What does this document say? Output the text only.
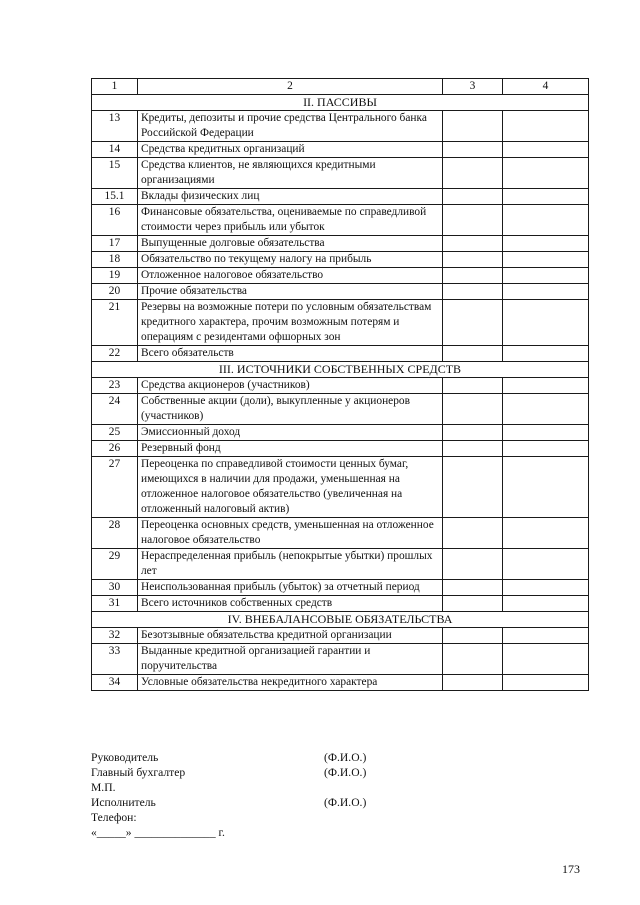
1	2	3	4
II. ПАССИВЫ			
13	Кредиты, депозиты и прочие средства Центрального банка Российской Федерации		
14	Средства кредитных организаций		
15	Средства клиентов, не являющихся кредитными организациями		
15.1	Вклады физических лиц		
16	Финансовые обязательства, оцениваемые по справедливой стоимости через прибыль или убыток		
17	Выпущенные долговые обязательства		
18	Обязательство по текущему налогу на прибыль		
19	Отложенное налоговое обязательство		
20	Прочие обязательства		
21	Резервы на возможные потери по условным обязательствам кредитного характера, прочим возможным потерям и операциям с резидентами офшорных зон		
22	Всего обязательств		
III. ИСТОЧНИКИ СОБСТВЕННЫХ СРЕДСТВ			
23	Средства акционеров (участников)		
24	Собственные акции (доли), выкупленные у акционеров (участников)		
25	Эмиссионный доход		
26	Резервный фонд		
27	Переоценка по справедливой стоимости ценных бумаг, имеющихся в наличии для продажи, уменьшенная на отложенное налоговое обязательство (увеличенная на отложенный налоговый актив)		
28	Переоценка основных средств, уменьшенная на отложенное налоговое обязательство		
29	Нераспределенная прибыль (непокрытые убытки) прошлых лет		
30	Неиспользованная прибыль (убыток) за отчетный период		
31	Всего источников собственных средств		
IV. ВНЕБАЛАНСОВЫЕ ОБЯЗАТЕЛЬСТВА			
32	Безотзывные обязательства кредитной организации		
33	Выданные кредитной организацией гарантии и поручительства		
34	Условные обязательства некредитного характера		
Руководитель	(Ф.И.О.)
Главный бухгалтер	(Ф.И.О.)
М.П.
Исполнитель	(Ф.И.О.)
Телефон:
«_____» ______________ г.
173
